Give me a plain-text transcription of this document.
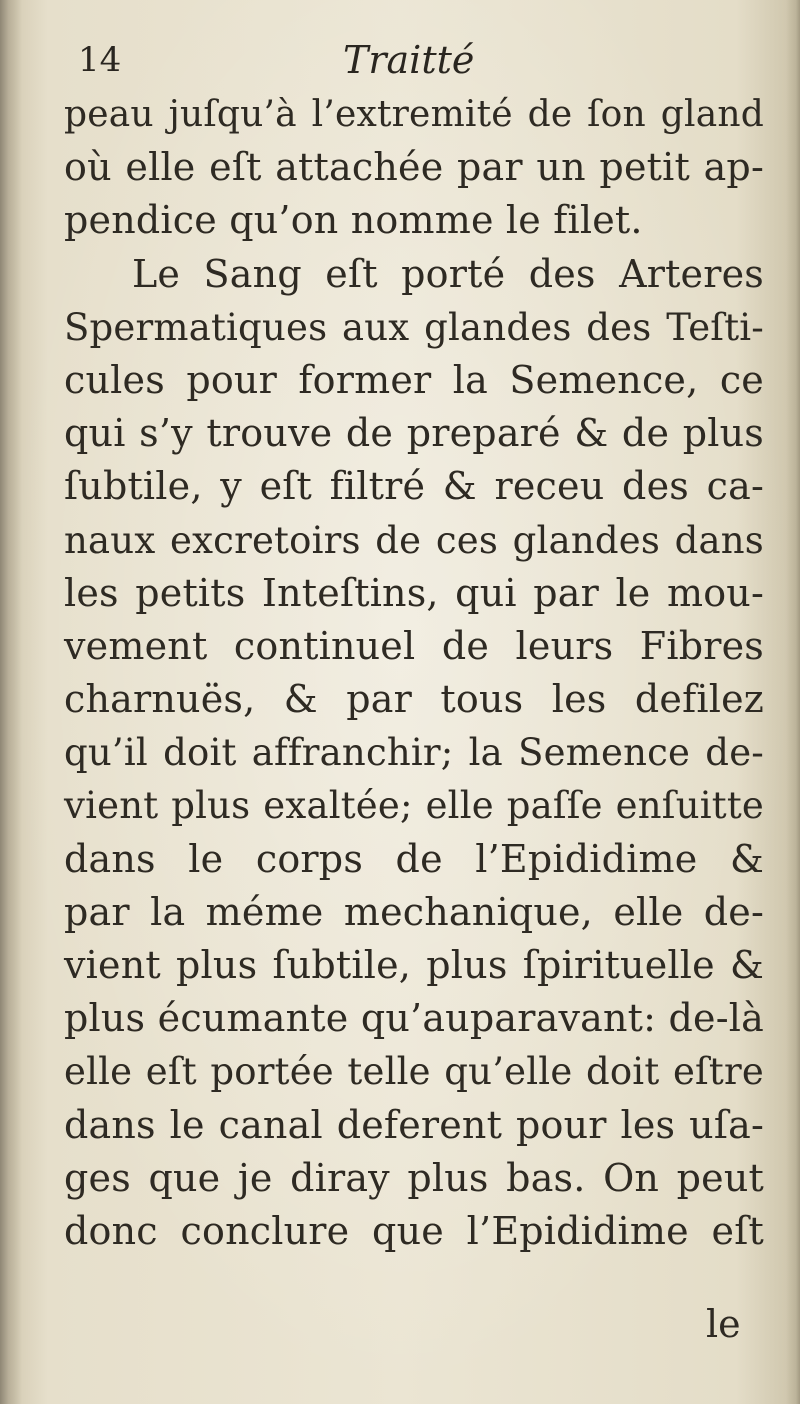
14	Traitté
peau juſqu’à l’extremité de ſon gland
où elle eſt attachée par un petit ap-
pendice qu’on nomme le filet.
Le Sang eſt porté des Arteres
Spermatiques aux glandes des Teſti-
cules pour former la Semence, ce
qui s’y trouve de preparé & de plus
ſubtile, y eſt filtré & receu des ca-
naux excretoirs de ces glandes dans
les petits Inteſtins, qui par le mou-
vement continuel de leurs Fibres
charnuës, & par tous les defilez
qu’il doit affranchir; la Semence de-
vient plus exaltée; elle paſſe enſuitte
dans le corps de l’Epididime &
par la méme mechanique, elle de-
vient plus ſubtile, plus ſpirituelle &
plus écumante qu’auparavant: de-là
elle eſt portée telle qu’elle doit eſtre
dans le canal deferent pour les uſa-
ges que je diray plus bas. On peut
donc conclure que l’Epididime eſt
le
